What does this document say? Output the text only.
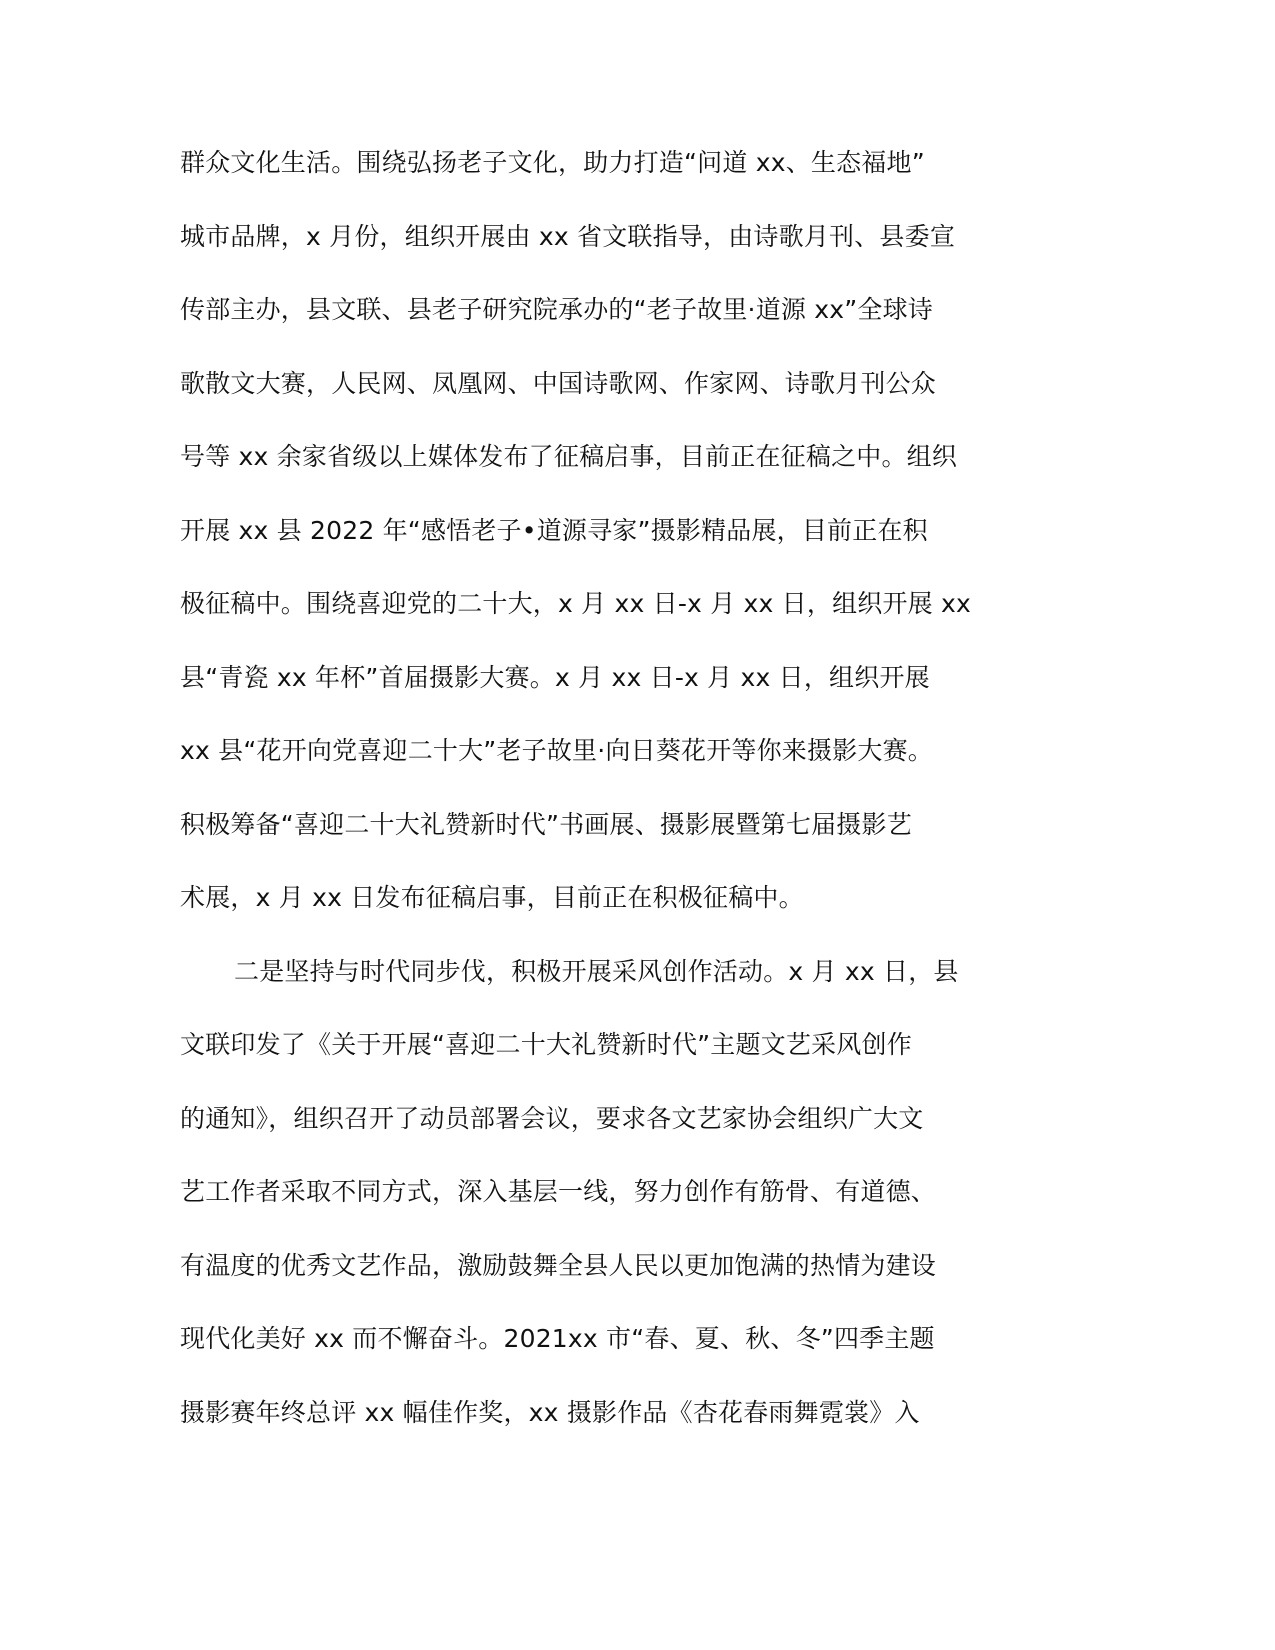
群众文化生活。围绕弘扬老子文化，助力打造“问道 xx、生态福地”
城市品牌，x 月份，组织开展由 xx 省文联指导，由诗歌月刊、县委宣
传部主办，县文联、县老子研究院承办的“老子故里·道源 xx”全球诗
歌散文大赛，人民网、凤凰网、中国诗歌网、作家网、诗歌月刊公众
号等 xx 余家省级以上媒体发布了征稿启事，目前正在征稿之中。组织
开展 xx 县 2022 年“感悟老子•道源寻家”摄影精品展，目前正在积
极征稿中。围绕喜迎党的二十大，x 月 xx 日-x 月 xx 日，组织开展 xx
县“青瓷 xx 年杯”首届摄影大赛。x 月 xx 日-x 月 xx 日，组织开展
xx 县“花开向党喜迎二十大”老子故里·向日葵花开等你来摄影大赛。
积极筹备“喜迎二十大礼赞新时代”书画展、摄影展暨第七届摄影艺
术展，x 月 xx 日发布征稿启事，目前正在积极征稿中。
二是坚持与时代同步伐，积极开展采风创作活动。x 月 xx 日，县
文联印发了《关于开展“喜迎二十大礼赞新时代”主题文艺采风创作
的通知》，组织召开了动员部署会议，要求各文艺家协会组织广大文
艺工作者采取不同方式，深入基层一线，努力创作有筋骨、有道德、
有温度的优秀文艺作品，激励鼓舞全县人民以更加饱满的热情为建设
现代化美好 xx 而不懈奋斗。2021xx 市“春、夏、秋、冬”四季主题
摄影赛年终总评 xx 幅佳作奖，xx 摄影作品《杏花春雨舞霓裳》入
